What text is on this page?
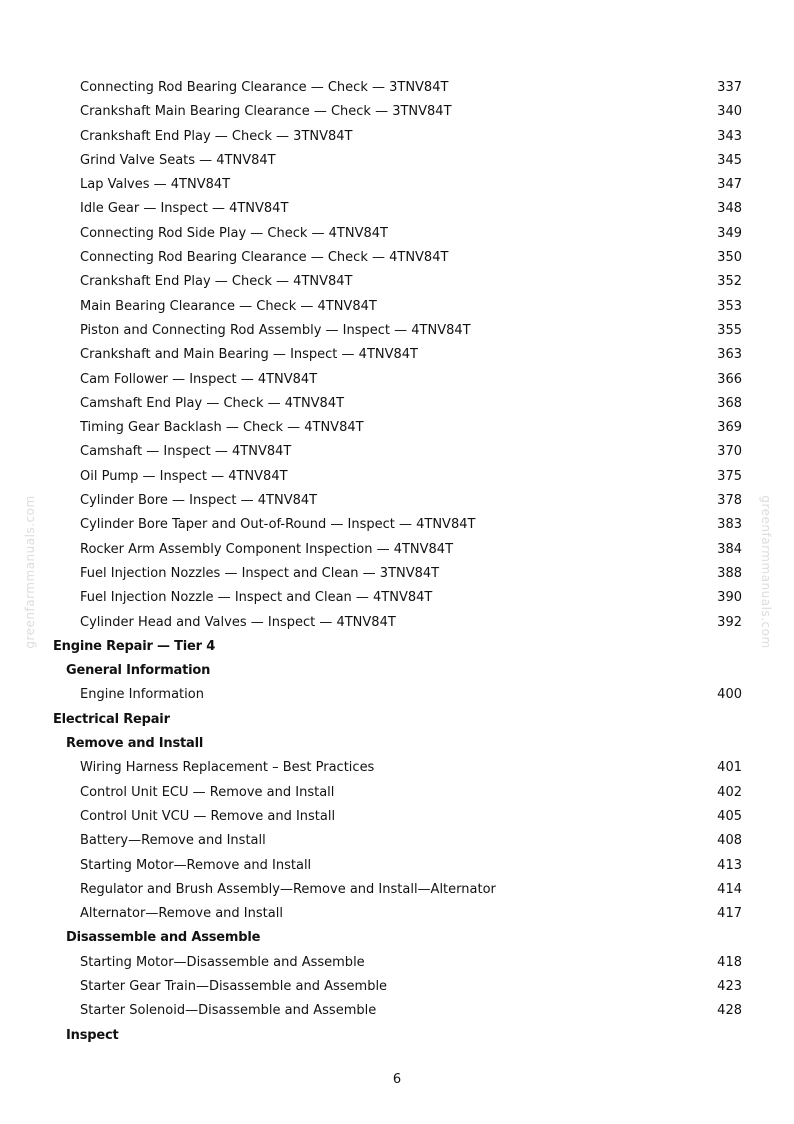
greenfarmmanuals.com	greenfarmmanuals.com
Connecting Rod Bearing Clearance — Check — 3TNV84T	337
Crankshaft Main Bearing Clearance — Check — 3TNV84T	340
Crankshaft End Play — Check — 3TNV84T	343
Grind Valve Seats — 4TNV84T	345
Lap Valves — 4TNV84T	347
Idle Gear — Inspect — 4TNV84T	348
Connecting Rod Side Play — Check — 4TNV84T	349
Connecting Rod Bearing Clearance — Check — 4TNV84T	350
Crankshaft End Play — Check — 4TNV84T	352
Main Bearing Clearance — Check — 4TNV84T	353
Piston and Connecting Rod Assembly — Inspect — 4TNV84T	355
Crankshaft and Main Bearing — Inspect — 4TNV84T	363
Cam Follower — Inspect — 4TNV84T	366
Camshaft End Play — Check — 4TNV84T	368
Timing Gear Backlash — Check — 4TNV84T	369
Camshaft — Inspect — 4TNV84T	370
Oil Pump — Inspect — 4TNV84T	375
Cylinder Bore — Inspect — 4TNV84T	378
Cylinder Bore Taper and Out-of-Round — Inspect — 4TNV84T	383
Rocker Arm Assembly Component Inspection — 4TNV84T	384
Fuel Injection Nozzles — Inspect and Clean — 3TNV84T	388
Fuel Injection Nozzle — Inspect and Clean — 4TNV84T	390
Cylinder Head and Valves — Inspect — 4TNV84T	392
Engine Repair — Tier 4
General Information
Engine Information	400
Electrical Repair
Remove and Install
Wiring Harness Replacement – Best Practices	401
Control Unit ECU — Remove and Install	402
Control Unit VCU — Remove and Install	405
Battery—Remove and Install	408
Starting Motor—Remove and Install	413
Regulator and Brush Assembly—Remove and Install—Alternator	414
Alternator—Remove and Install	417
Disassemble and Assemble
Starting Motor—Disassemble and Assemble	418
Starter Gear Train—Disassemble and Assemble	423
Starter Solenoid—Disassemble and Assemble	428
Inspect
6
